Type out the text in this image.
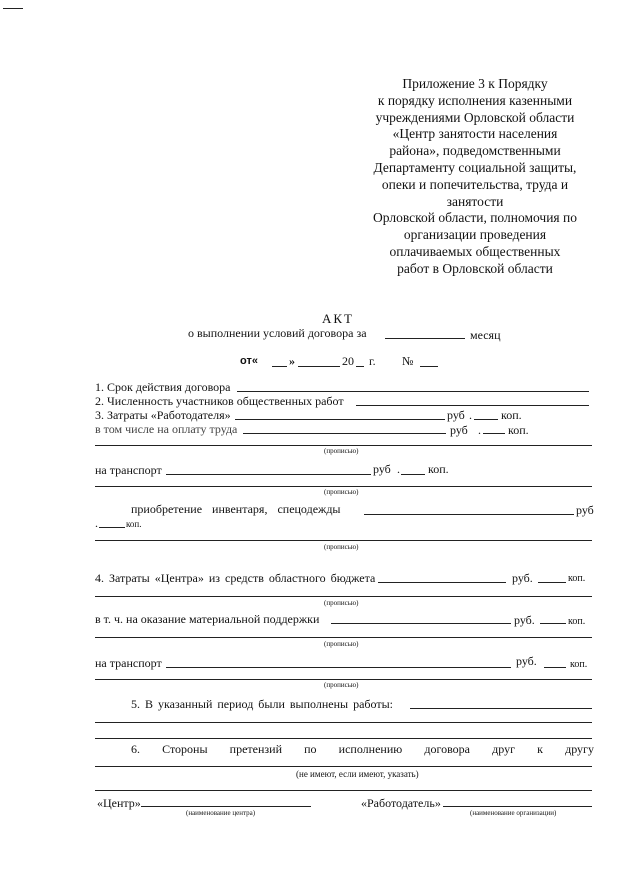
Приложение 3 к Порядку
к порядку исполнения казенными
учреждениями Орловской области
«Центр занятости населения
района», подведомственными
Департаменту социальной защиты,
опеки и попечительства, труда и
занятости
Орловской области, полномочия по
организации проведения
оплачиваемых общественных
работ в Орловской области
АКТ
о выполнении условий договора за	месяц
от«	»	20 г. №
1. Срок действия договора
2. Численность участников общественных работ
3. Затраты «Работодателя»	руб . коп.
в том числе на оплату труда	руб . коп.
(прописью)
на транспорт	руб . коп.
(прописью)
приобретение инвентаря, спецодежды	руб
.	коп.
(прописью)
4. Затраты «Центра» из средств областного бюджета	руб.	коп.
(прописью)
в т. ч. на оказание материальной поддержки	руб.	коп.
(прописью)
на транспорт	руб.	коп.
(прописью)
5. В указанный период были выполнены работы:
6. Стороны претензий по исполнению договора друг к другу
(не имеют, если имеют, указать)
«Центр»
(наименование центра)
«Работодатель»
(наименование организации)
